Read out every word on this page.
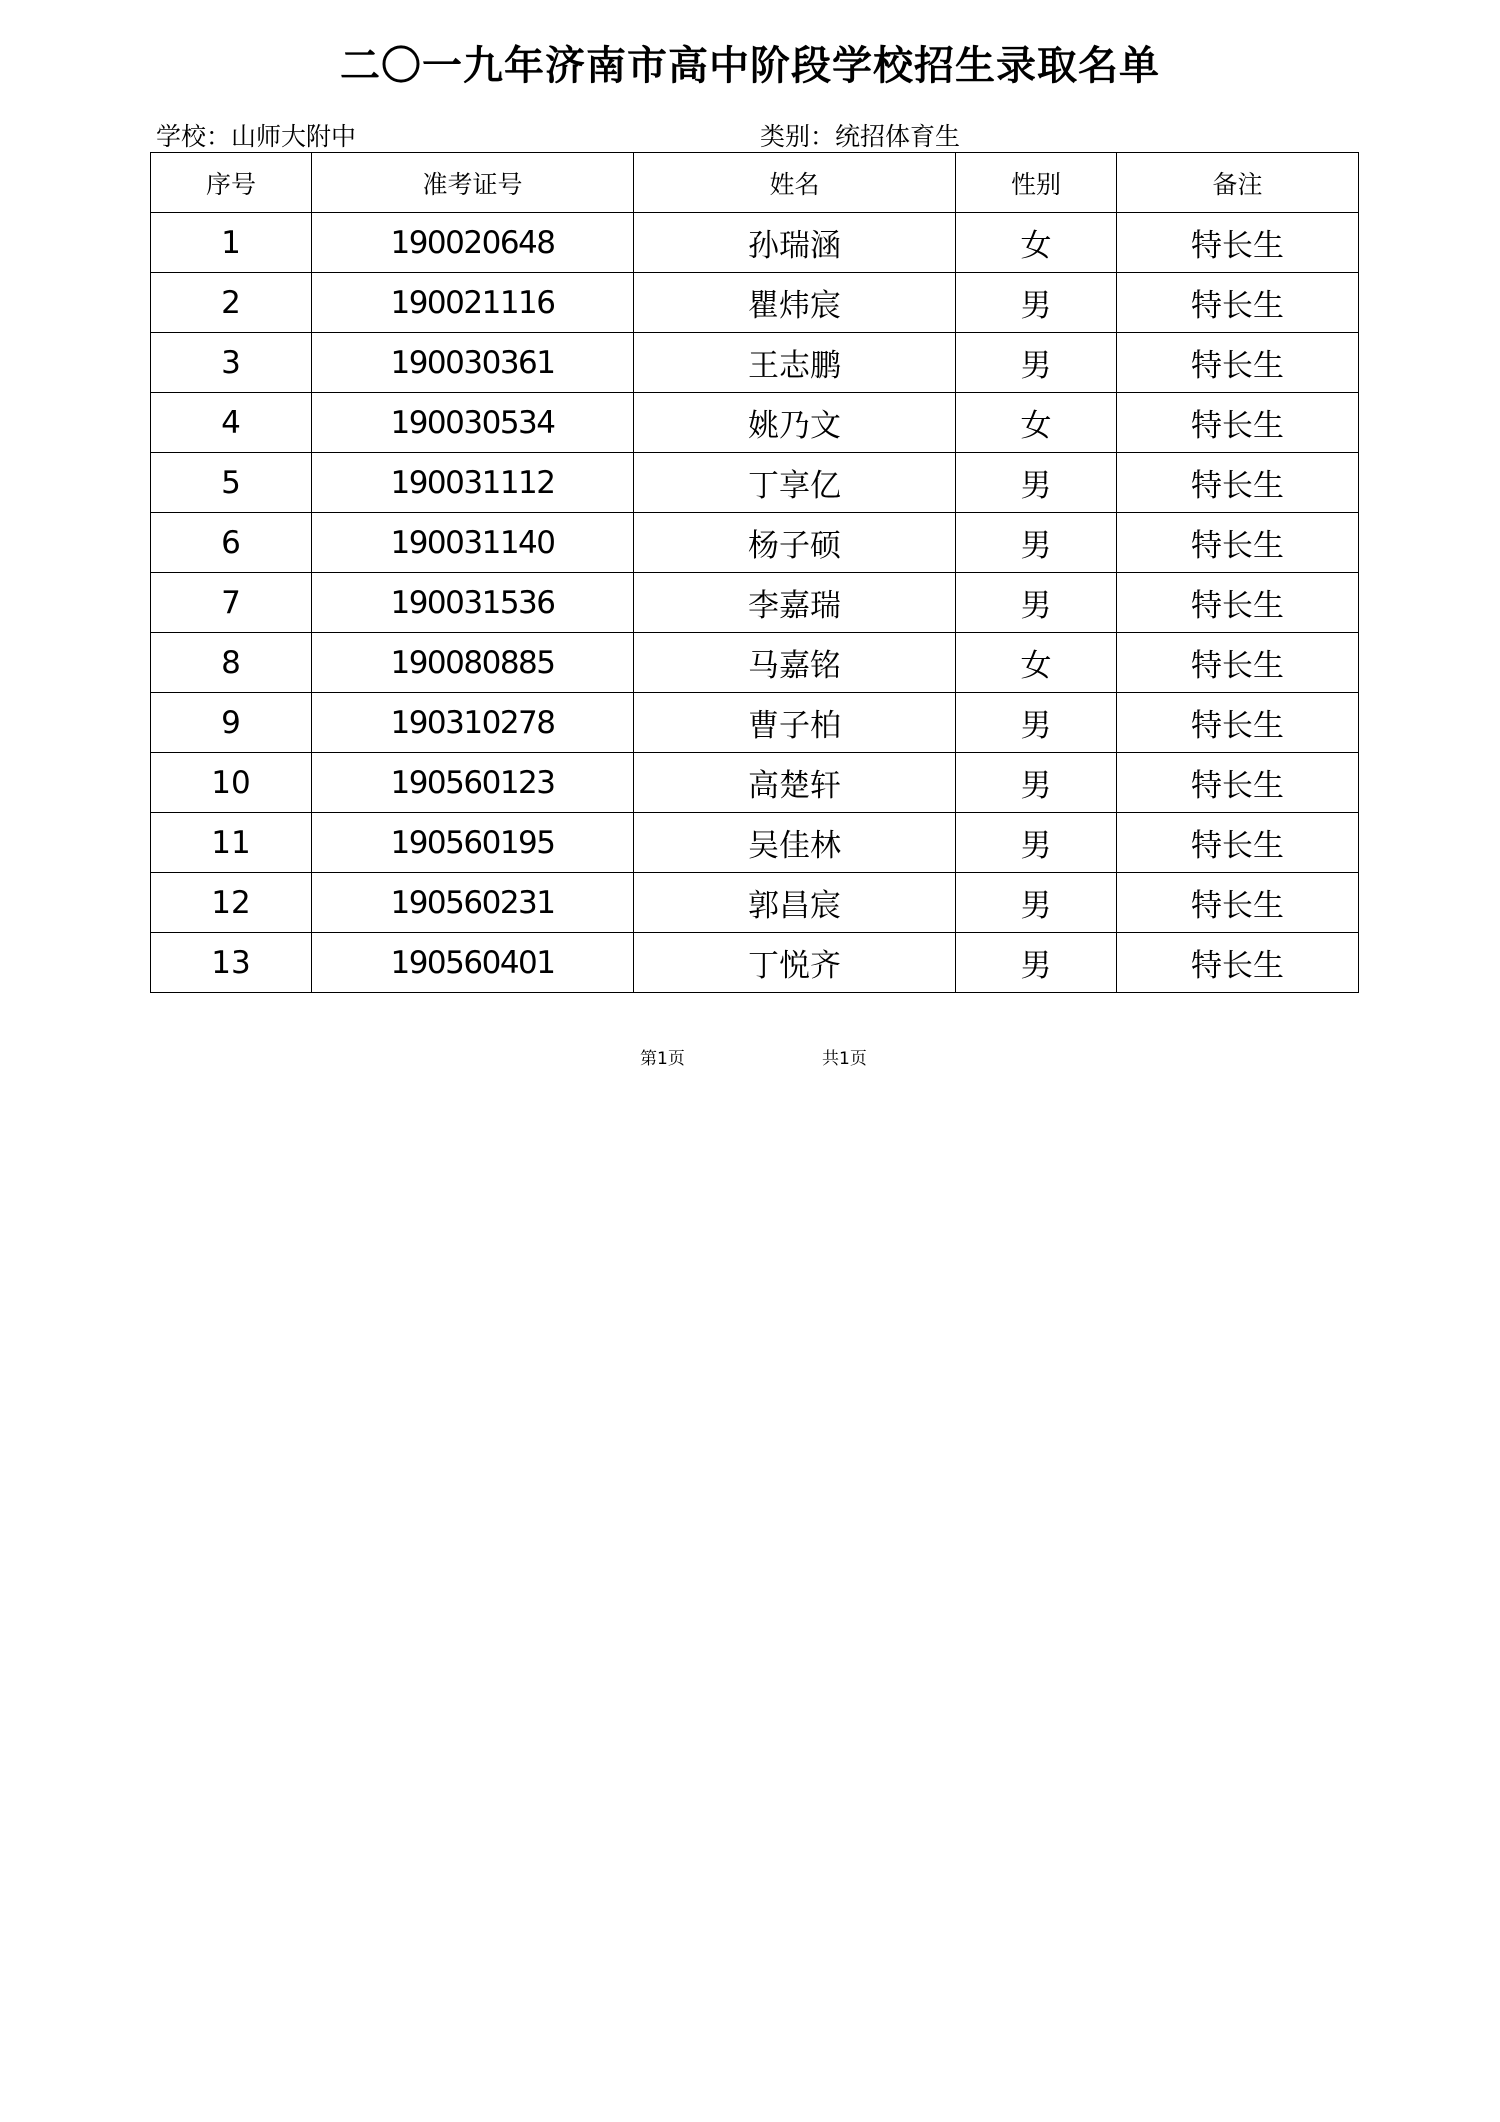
二〇一九年济南市高中阶段学校招生录取名单
学校：山师大附中	类别：统招体育生
序号	准考证号	姓名	性别	备注
1	190020648	孙瑞涵	女	特长生
2	190021116	瞿炜宸	男	特长生
3	190030361	王志鹏	男	特长生
4	190030534	姚乃文	女	特长生
5	190031112	丁享亿	男	特长生
6	190031140	杨子硕	男	特长生
7	190031536	李嘉瑞	男	特长生
8	190080885	马嘉铭	女	特长生
9	190310278	曹子柏	男	特长生
10	190560123	高楚轩	男	特长生
11	190560195	吴佳林	男	特长生
12	190560231	郭昌宸	男	特长生
13	190560401	丁悦齐	男	特长生
第1页	共1页
